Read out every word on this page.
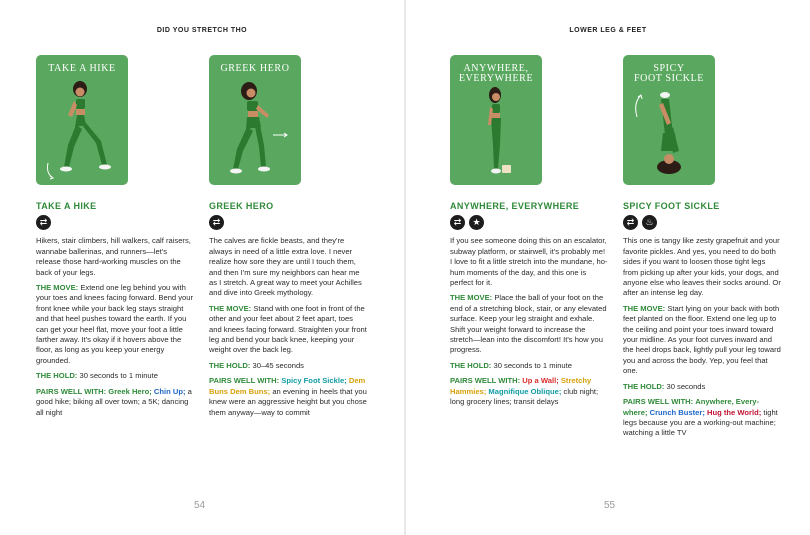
DID YOU STRETCH THO
TAKE A HIKE
TAKE A HIKE
⇄

Hikers, stair climbers, hill walkers, calf raisers, wannabe ballerinas, and runners—let's release those hard-working muscles on the back of your legs.

THE MOVE: Extend one leg behind you with your toes and knees facing forward. Bend your front knee while your back leg stays straight and that heel pushes toward the earth. If you can get your heel flat, move your foot a little farther away. It's okay if it hovers above the floor, as long as you keep your energy grounded.

THE HOLD: 30 seconds to 1 minute

PAIRS WELL WITH: Greek Hero; Chin Up; a good hike; biking all over town; a 5K; dancing all night

GREEK HERO
GREEK HERO
⇄

The calves are fickle beasts, and they're always in need of a little extra love. I never realize how sore they are until I touch them, and then I'm sure my neighbors can hear me as I stretch. A great way to meet your Achilles and dive into Greek mythology.

THE MOVE: Stand with one foot in front of the other and your feet about 2 feet apart, toes and knees facing forward. Straighten your front leg and bend your back knee, keeping your weight over the back leg.

THE HOLD: 30–45 seconds

PAIRS WELL WITH: Spicy Foot Sickle; Dem Buns Dem Buns; an evening in heels that you knew were an aggressive height but you chose them anyway—way to commit

54
LOWER LEG & FEET
ANYWHERE,
EVERYWHERE
ANYWHERE, EVERYWHERE
⇄	★

If you see someone doing this on an escalator, subway platform, or stairwell, it's probably me! I love to fit a little stretch into the mundane, ho-hum moments of the day, and this one is perfect for it.

THE MOVE: Place the ball of your foot on the end of a stretching block, stair, or any elevated surface. Keep your leg straight and exhale. Shift your weight forward to increase the stretch—lean into the discomfort! It's how you progress.

THE HOLD: 30 seconds to 1 minute

PAIRS WELL WITH: Up a Wall; Stretchy Hammies; Magnifique Oblique; club night; long grocery lines; transit delays

SPICY
FOOT SICKLE
SPICY FOOT SICKLE
⇄	♨

This one is tangy like zesty grapefruit and your favorite pickles. And yes, you need to do both sides if you want to loosen those tight legs from picking up after your kids, your dogs, and anyone else who leaves their socks around. Or after an intense leg day.

THE MOVE: Start lying on your back with both feet planted on the floor. Extend one leg up to the ceiling and point your toes inward toward your midline. As your foot curves inward and the heel drops back, lightly pull your leg toward you and across the body. Yep, you feel that one.

THE HOLD: 30 seconds

PAIRS WELL WITH: Anywhere, Every-where; Crunch Buster; Hug the World; tight legs because you are a working-out machine; watching a little TV

55
